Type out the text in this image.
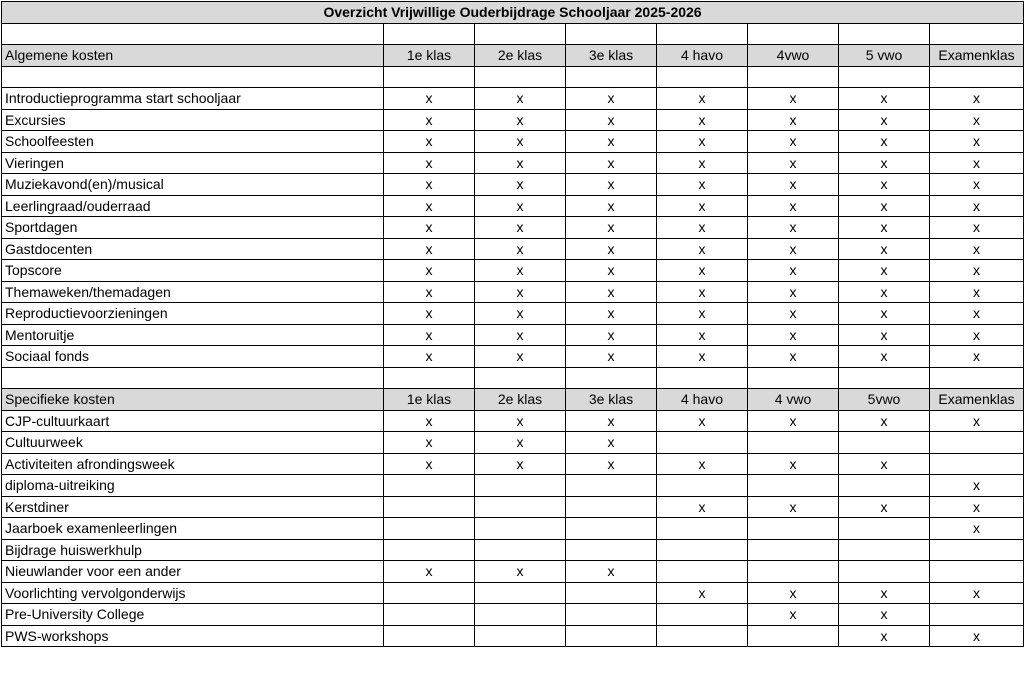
Overzicht Vrijwillige Ouderbijdrage Schooljaar 2025-2026							

Algemene kosten	1e klas	2e klas	3e klas	4 havo	4vwo	5 vwo	Examenklas

Introductieprogramma start schooljaar	x	x	x	x	x	x	x
Excursies	x	x	x	x	x	x	x
Schoolfeesten	x	x	x	x	x	x	x
Vieringen	x	x	x	x	x	x	x
Muziekavond(en)/musical	x	x	x	x	x	x	x
Leerlingraad/ouderraad	x	x	x	x	x	x	x
Sportdagen	x	x	x	x	x	x	x
Gastdocenten	x	x	x	x	x	x	x
Topscore	x	x	x	x	x	x	x
Themaweken/themadagen	x	x	x	x	x	x	x
Reproductievoorzieningen	x	x	x	x	x	x	x
Mentoruitje	x	x	x	x	x	x	x
Sociaal fonds	x	x	x	x	x	x	x

Specifieke kosten	1e klas	2e klas	3e klas	4 havo	4 vwo	5vwo	Examenklas
CJP-cultuurkaart	x	x	x	x	x	x	x
Cultuurweek	x	x	x				
Activiteiten afrondingsweek	x	x	x	x	x	x	
diploma-uitreiking							x
Kerstdiner				x	x	x	x
Jaarboek examenleerlingen							x
Bijdrage huiswerkhulp							
Nieuwlander voor een ander	x	x	x				
Voorlichting vervolgonderwijs				x	x	x	x
Pre-University College					x	x	
PWS-workshops						x	x
